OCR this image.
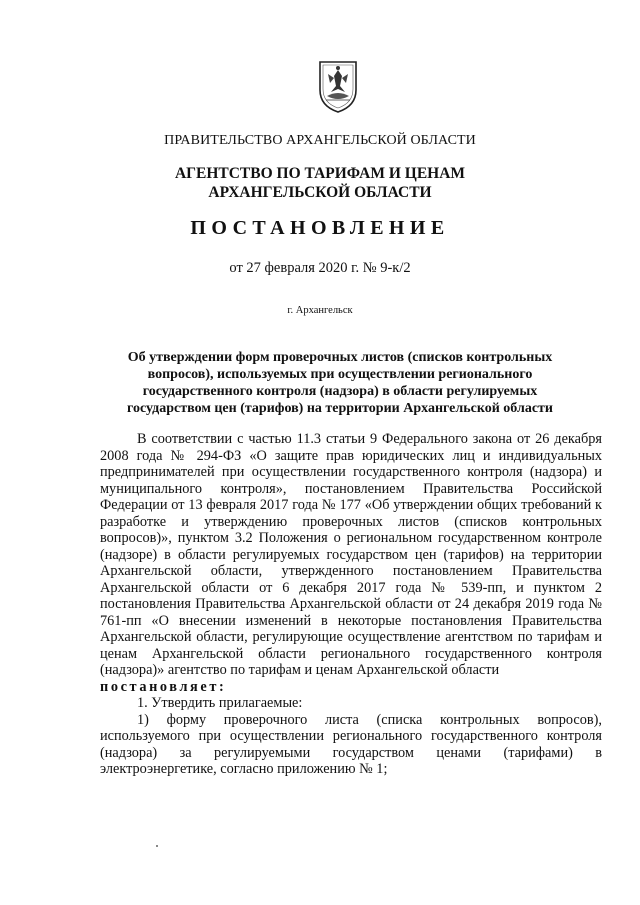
ПРАВИТЕЛЬСТВО АРХАНГЕЛЬСКОЙ ОБЛАСТИ
АГЕНТСТВО ПО ТАРИФАМ И ЦЕНАМ
АРХАНГЕЛЬСКОЙ ОБЛАСТИ
ПОСТАНОВЛЕНИЕ
от 27 февраля 2020 г. № 9-к/2
г. Архангельск
Об утверждении форм проверочных листов (списков контрольных
вопросов), используемых при осуществлении регионального
государственного контроля (надзора) в области регулируемых
государством цен (тарифов) на территории Архангельской области

В соответствии с частью 11.3 статьи 9 Федерального закона от 26 декабря 2008 года № 294-ФЗ «О защите прав юридических лиц и индивидуальных предпринимателей при осуществлении государственного контроля (надзора) и муниципального контроля», постановлением Правительства Российской Федерации от 13 февраля 2017 года № 177 «Об утверждении общих требований к разработке и утверждению проверочных листов (списков контрольных вопросов)», пунктом 3.2 Положения о региональном государственном контроле (надзоре) в области регулируемых государством цен (тарифов) на территории Архангельской области, утвержденного постановлением Правительства Архангельской области от 6 декабря 2017 года № 539-пп, и пунктом 2 постановления Правительства Архангельской области от 24 декабря 2019 года № 761-пп «О внесении изменений в некоторые постановления Правительства Архангельской области, регулирующие осуществление агентством по тарифам и ценам Архангельской области регионального государственного контроля (надзора)» агентство по тарифам и ценам Архангельской области

постановляет:

1. Утвердить прилагаемые:

1) форму проверочного листа (списка контрольных вопросов), используемого при осуществлении регионального государственного контроля (надзора) за регулируемыми государством ценами (тарифами) в электроэнергетике, согласно приложению № 1;
